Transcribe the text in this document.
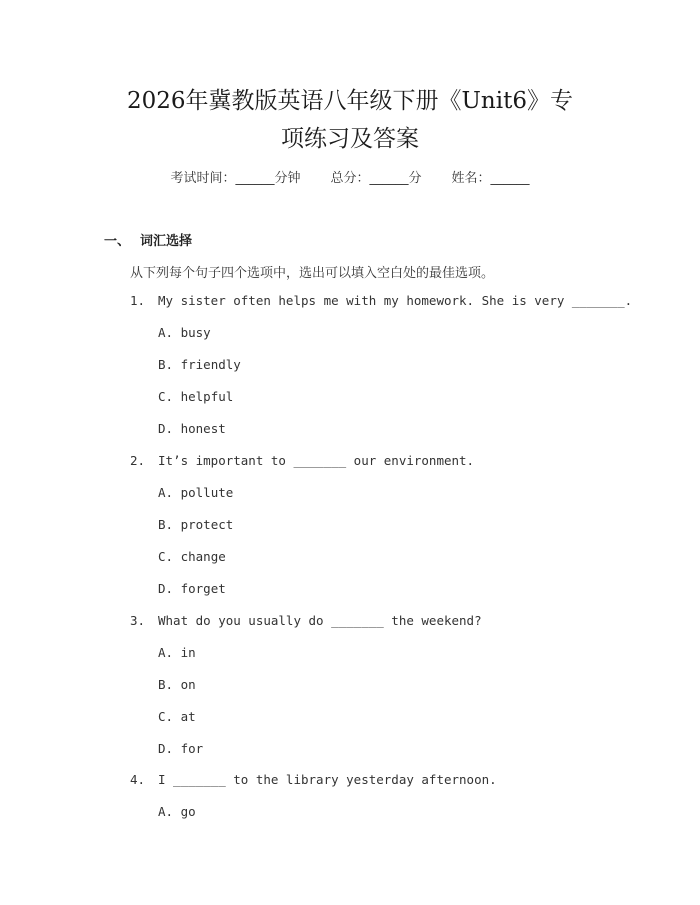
2026年冀教版英语八年级下册《Unit6》专
项练习及答案
考试时间：______分钟 总分：______分 姓名：______
一、 词汇选择
从下列每个句子四个选项中，选出可以填入空白处的最佳选项。
1. My sister often helps me with my homework. She is very _______.
A. busy
B. friendly
C. helpful
D. honest
2. It’s important to _______ our environment.
A. pollute
B. protect
C. change
D. forget
3. What do you usually do _______ the weekend?
A. in
B. on
C. at
D. for
4. I _______ to the library yesterday afternoon.
A. go
